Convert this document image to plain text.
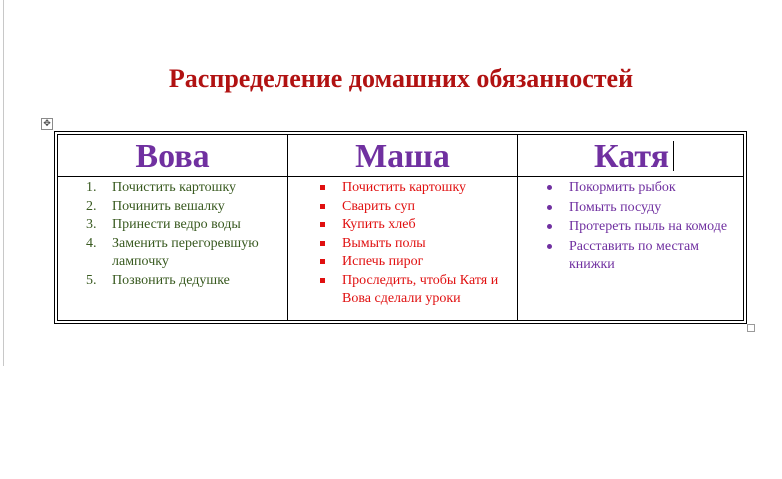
Распределение домашних обязанностей
✥
Вова	Маша	Катя
1. Почистить картошку
2. Починить вешалку
3. Принести ведро воды
4. Заменить перегоревшую лампочку
5. Позвонить дедушке
Почистить картошку
Сварить суп
Купить хлеб
Вымыть полы
Испечь пирог
Проследить, чтобы Катя и Вова сделали уроки
Покормить рыбок
Помыть посуду
Протереть пыль на комоде
Расставить по местам книжки
